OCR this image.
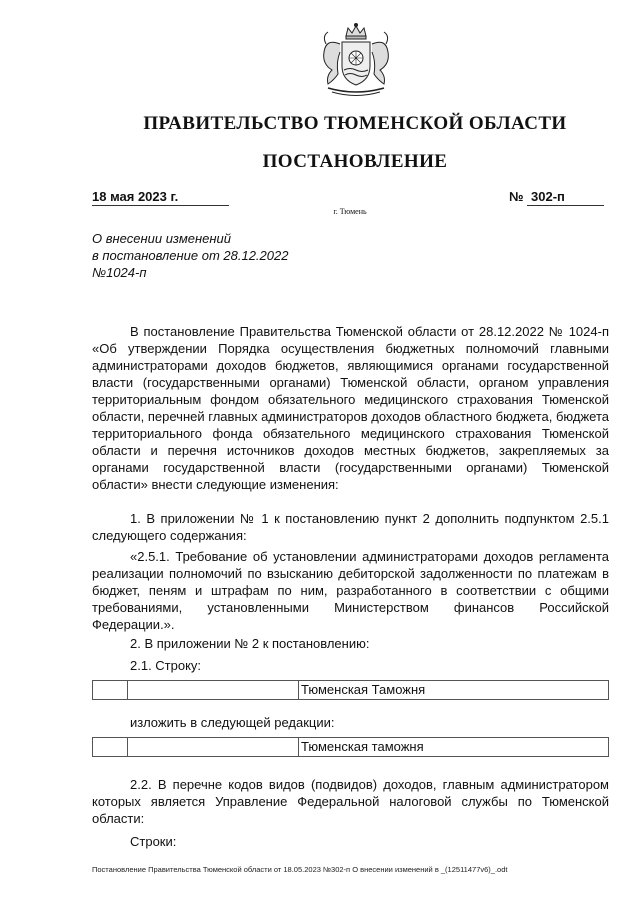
ПРАВИТЕЛЬСТВО ТЮМЕНСКОЙ ОБЛАСТИ
ПОСТАНОВЛЕНИЕ
18 мая 2023 г.	№ 302-п
г. Тюмень
О внесении изменений
в постановление от 28.12.2022
№1024-п

В постановление Правительства Тюменской области от 28.12.2022 № 1024-п «Об утверждении Порядка осуществления бюджетных полномочий главными администраторами доходов бюджетов, являющимися органами государственной власти (государственными органами) Тюменской области, органом управления территориальным фондом обязательного медицинского страхования Тюменской области, перечней главных администраторов доходов областного бюджета, бюджета территориального фонда обязательного медицинского страхования Тюменской области и перечня источников доходов местных бюджетов, закрепляемых за органами государственной власти (государственными органами) Тюменской области» внести следующие изменения:

1. В приложении № 1 к постановлению пункт 2 дополнить подпунктом 2.5.1 следующего содержания:

«2.5.1. Требование об установлении администраторами доходов регламента реализации полномочий по взысканию дебиторской задолженности по платежам в бюджет, пеням и штрафам по ним, разработанного в соответствии с общими требованиями, установленными Министерством финансов Российской Федерации.».

2. В приложении № 2 к постановлению:

2.1. Строку:

Тюменская Таможня

изложить в следующей редакции:

Тюменская таможня

2.2. В перечне кодов видов (подвидов) доходов, главным администратором которых является Управление Федеральной налоговой службы по Тюменской области:

Строки:

Постановление Правительства Тюменской области от 18.05.2023 №302-п О внесении изменений в _(12511477v6)_.odt
